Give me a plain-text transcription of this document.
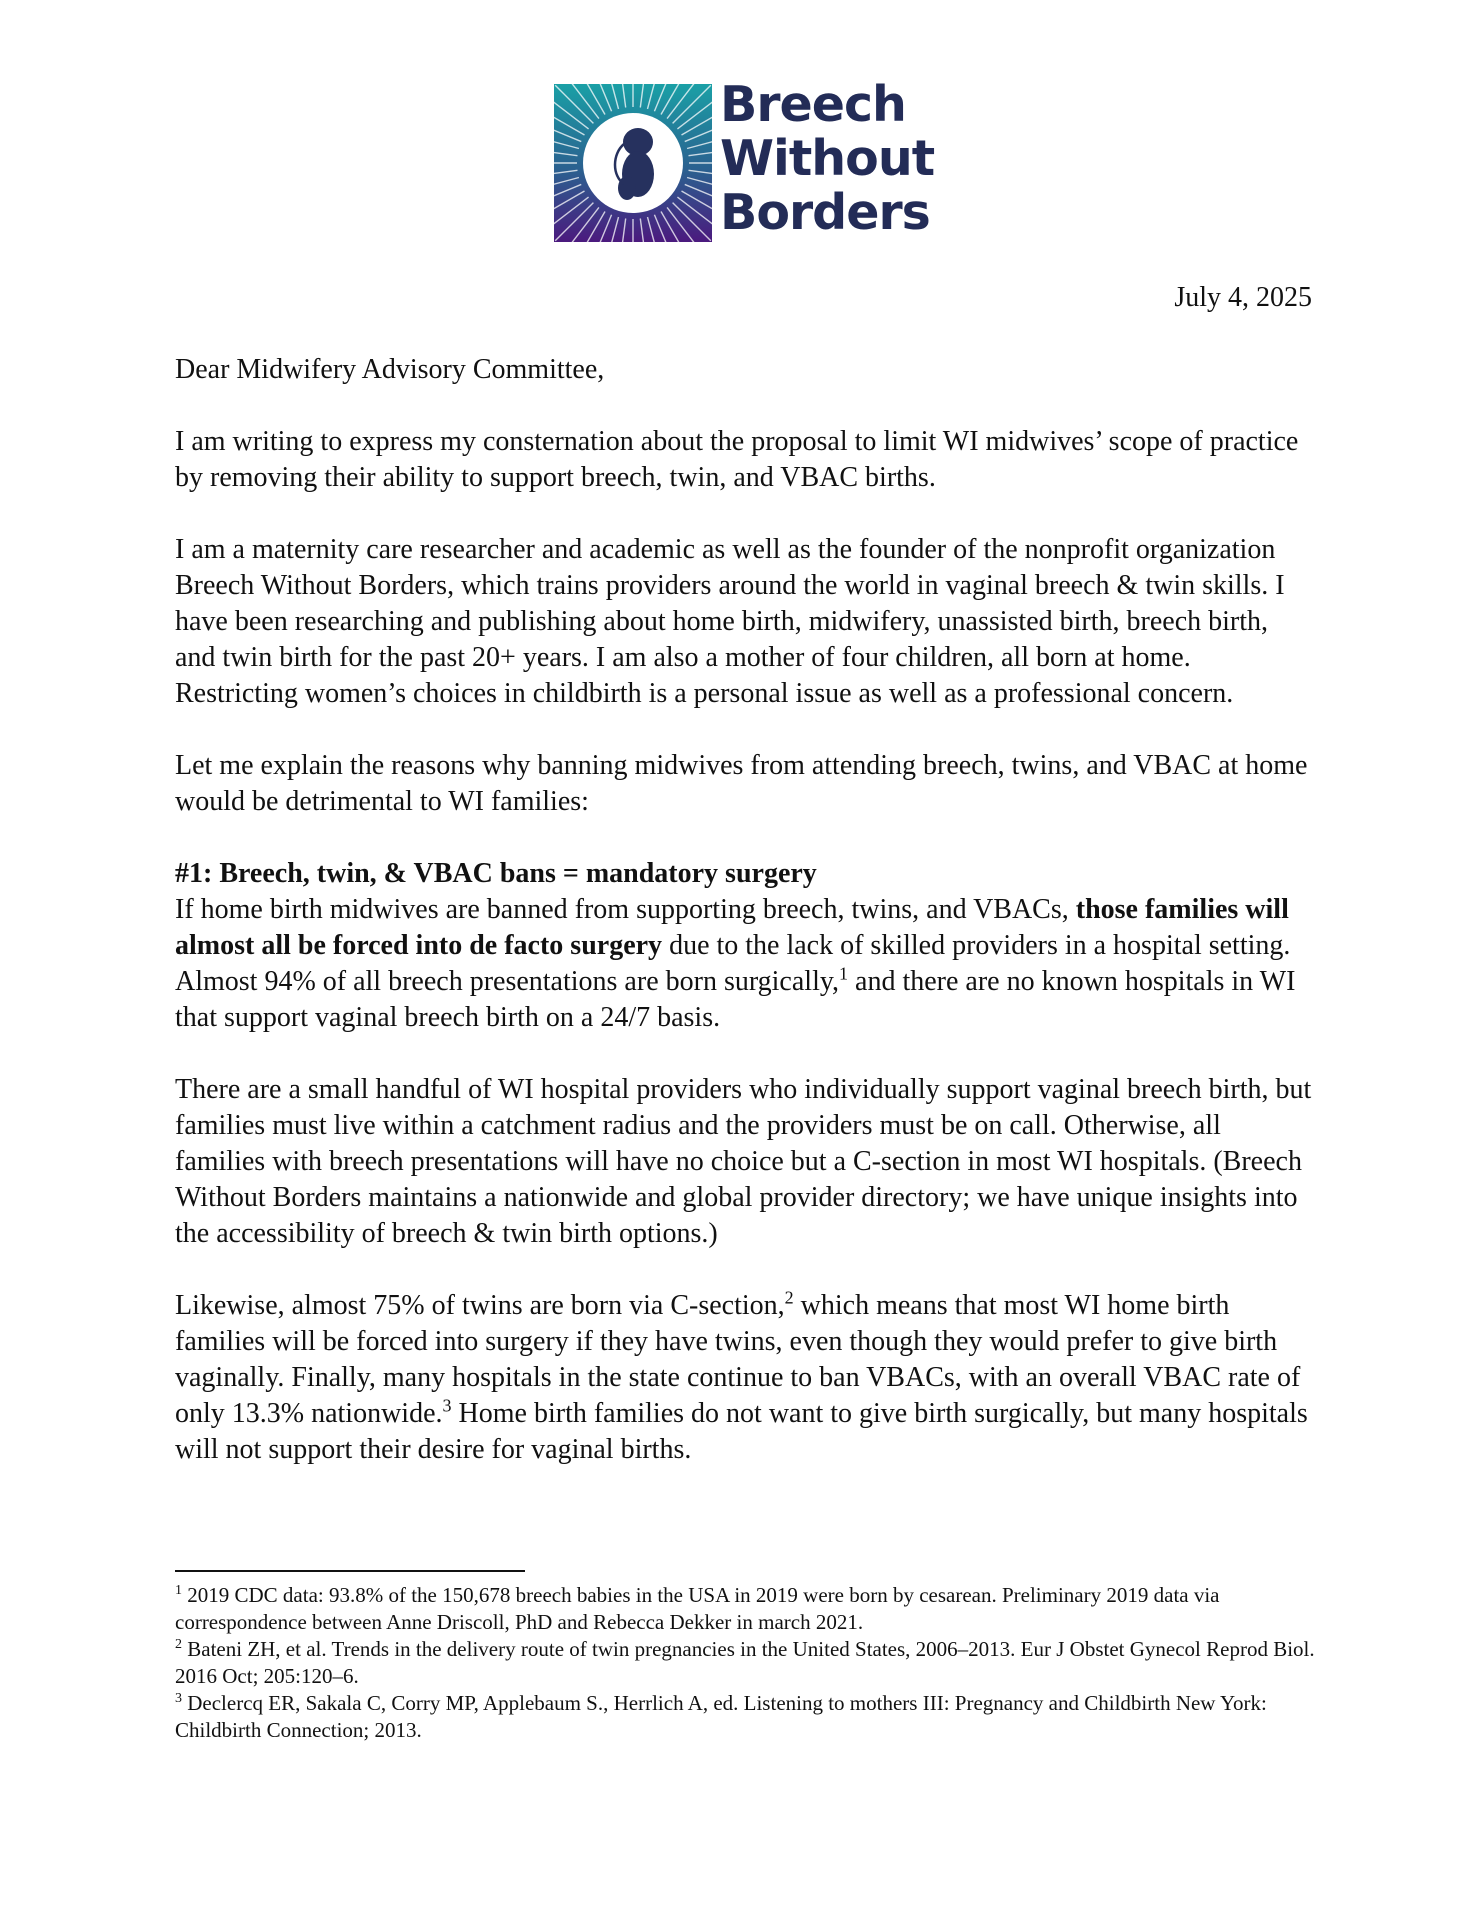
Breech
Without
Borders
July 4, 2025

Dear Midwifery Advisory Committee,

I am writing to express my consternation about the proposal to limit WI midwives’ scope of practice by removing their ability to support breech, twin, and VBAC births.

I am a maternity care researcher and academic as well as the founder of the nonprofit organization Breech Without Borders, which trains providers around the world in vaginal breech & twin skills. I have been researching and publishing about home birth, midwifery, unassisted birth, breech birth, and twin birth for the past 20+ years. I am also a mother of four children, all born at home. Restricting women’s choices in childbirth is a personal issue as well as a professional concern.

Let me explain the reasons why banning midwives from attending breech, twins, and VBAC at home would be detrimental to WI families:

#1: Breech, twin, & VBAC bans = mandatory surgery

If home birth midwives are banned from supporting breech, twins, and VBACs, those families will almost all be forced into de facto surgery due to the lack of skilled providers in a hospital setting. Almost 94% of all breech presentations are born surgically,$^1$ and there are no known hospitals in WI that support vaginal breech birth on a 24/7 basis.

There are a small handful of WI hospital providers who individually support vaginal breech birth, but families must live within a catchment radius and the providers must be on call. Otherwise, all families with breech presentations will have no choice but a C-section in most WI hospitals. (Breech Without Borders maintains a nationwide and global provider directory; we have unique insights into the accessibility of breech & twin birth options.)

Likewise, almost 75% of twins are born via C-section,$^2$ which means that most WI home birth families will be forced into surgery if they have twins, even though they would prefer to give birth vaginally. Finally, many hospitals in the state continue to ban VBACs, with an overall VBAC rate of only 13.3% nationwide.$^3$ Home birth families do not want to give birth surgically, but many hospitals will not support their desire for vaginal births.

$^1$ 2019 CDC data: 93.8% of the 150,678 breech babies in the USA in 2019 were born by cesarean. Preliminary 2019 data via correspondence between Anne Driscoll, PhD and Rebecca Dekker in march 2021.

$^2$ Bateni ZH, et al. Trends in the delivery route of twin pregnancies in the United States, 2006–2013. Eur J Obstet Gynecol Reprod Biol. 2016 Oct; 205:120–6.

$^3$ Declercq ER, Sakala C, Corry MP, Applebaum S., Herrlich A, ed. Listening to mothers III: Pregnancy and Childbirth New York: Childbirth Connection; 2013.
